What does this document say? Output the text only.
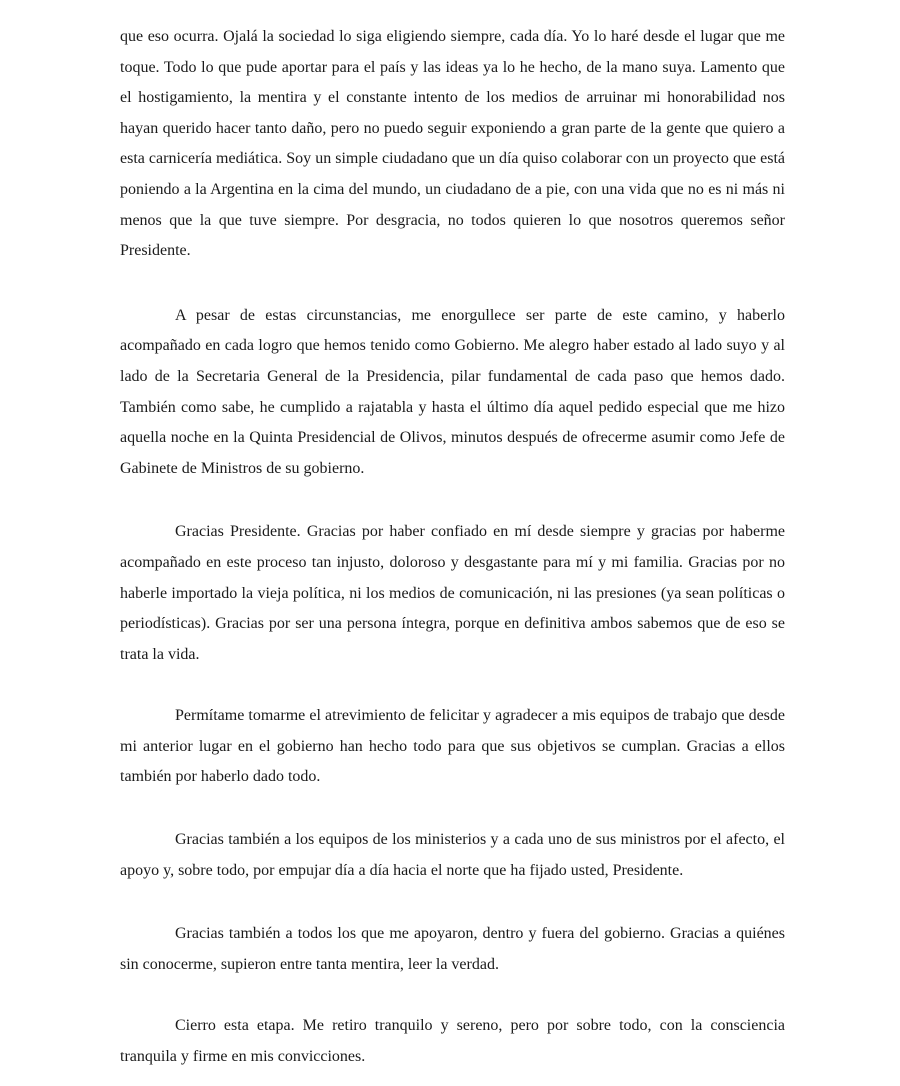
que eso ocurra. Ojalá la sociedad lo siga eligiendo siempre, cada día. Yo lo haré desde el lugar que me toque. Todo lo que pude aportar para el país y las ideas ya lo he hecho, de la mano suya. Lamento que el hostigamiento, la mentira y el constante intento de los medios de arruinar mi honorabilidad nos hayan querido hacer tanto daño, pero no puedo seguir exponiendo a gran parte de la gente que quiero a esta carnicería mediática. Soy un simple ciudadano que un día quiso colaborar con un proyecto que está poniendo a la Argentina en la cima del mundo, un ciudadano de a pie, con una vida que no es ni más ni menos que la que tuve siempre. Por desgracia, no todos quieren lo que nosotros queremos señor Presidente.

A pesar de estas circunstancias, me enorgullece ser parte de este camino, y haberlo acompañado en cada logro que hemos tenido como Gobierno. Me alegro haber estado al lado suyo y al lado de la Secretaria General de la Presidencia, pilar fundamental de cada paso que hemos dado. También como sabe, he cumplido a rajatabla y hasta el último día aquel pedido especial que me hizo aquella noche en la Quinta Presidencial de Olivos, minutos después de ofrecerme asumir como Jefe de Gabinete de Ministros de su gobierno.

Gracias Presidente. Gracias por haber confiado en mí desde siempre y gracias por haberme acompañado en este proceso tan injusto, doloroso y desgastante para mí y mi familia. Gracias por no haberle importado la vieja política, ni los medios de comunicación, ni las presiones (ya sean políticas o periodísticas). Gracias por ser una persona íntegra, porque en definitiva ambos sabemos que de eso se trata la vida.

Permítame tomarme el atrevimiento de felicitar y agradecer a mis equipos de trabajo que desde mi anterior lugar en el gobierno han hecho todo para que sus objetivos se cumplan. Gracias a ellos también por haberlo dado todo.

Gracias también a los equipos de los ministerios y a cada uno de sus ministros por el afecto, el apoyo y, sobre todo, por empujar día a día hacia el norte que ha fijado usted, Presidente.

Gracias también a todos los que me apoyaron, dentro y fuera del gobierno. Gracias a quiénes sin conocerme, supieron entre tanta mentira, leer la verdad.

Cierro esta etapa. Me retiro tranquilo y sereno, pero por sobre todo, con la consciencia tranquila y firme en mis convicciones.
